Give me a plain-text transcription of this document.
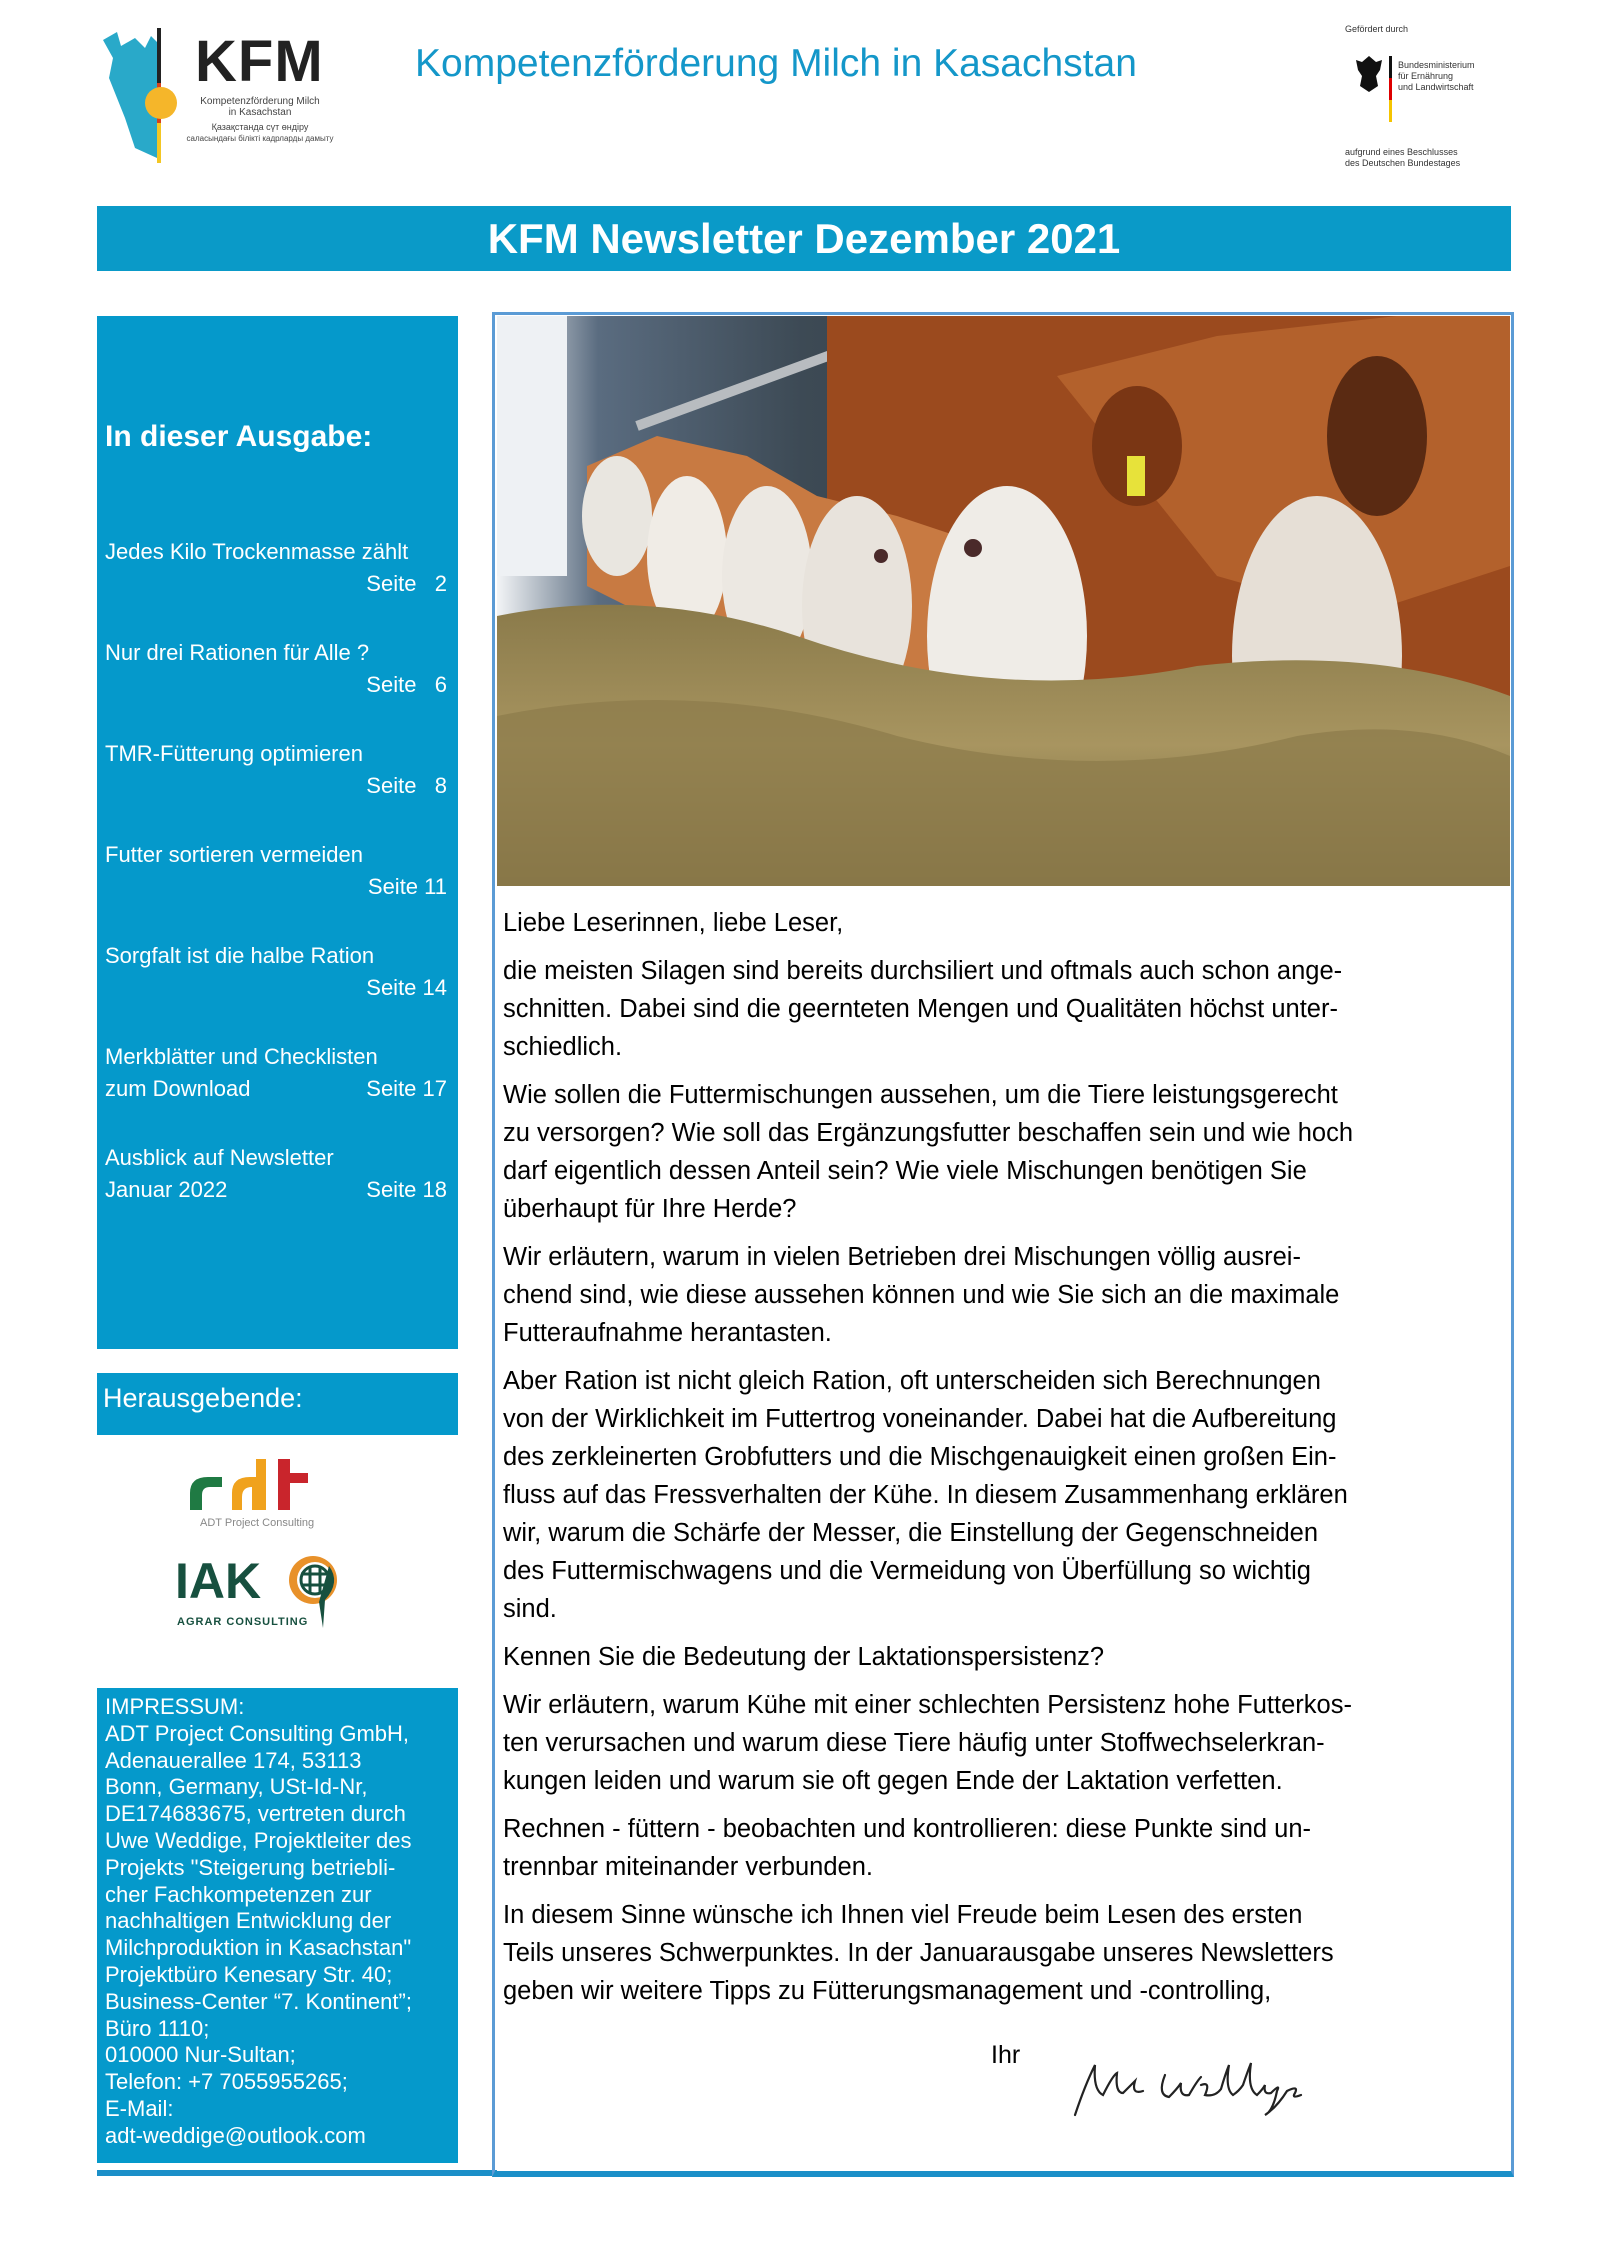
KFM
Kompetenzförderung Milch
in Kasachstan
Қазақстанда сүт өндіру
саласындағы білікті кадрларды дамыту
Kompetenzförderung Milch in Kasachstan
Gefördert durch
Bundesministerium
für Ernährung
und Landwirtschaft
aufgrund eines Beschlusses
des Deutschen Bundestages
KFM Newsletter Dezember 2021
In dieser Ausgabe:
Jedes Kilo Trockenmasse zählt
Seite   2
Nur drei Rationen für Alle ?
Seite   6
TMR-Fütterung optimieren
Seite   8
Futter sortieren vermeiden
Seite 11
Sorgfalt ist die halbe Ration
Seite 14
Merkblätter und Checklisten
zum Download	Seite 17
Ausblick auf Newsletter
Januar 2022	Seite 18
Herausgebende:
ADT Project Consulting
IAK
AGRAR CONSULTING
IMPRESSUM:
ADT Project Consulting GmbH,
Adenauerallee 174, 53113
Bonn, Germany, USt-Id-Nr,
DE174683675, vertreten durch
Uwe Weddige, Projektleiter des
Projekts "Steigerung betriebli-
cher Fachkompetenzen zur
nachhaltigen Entwicklung der
Milchproduktion in Kasachstan"
Projektbüro Kenesary Str. 40;
Business-Center “7. Kontinent”;
Büro 1110;
010000 Nur-Sultan;
Telefon: +7 7055955265;
E-Mail:
adt-weddige@outlook.com
Liebe Leserinnen, liebe Leser,
die meisten Silagen sind bereits durchsiliert und oftmals auch schon ange-
schnitten. Dabei sind die geernteten Mengen und Qualitäten höchst unter-
schiedlich.
Wie sollen die Futtermischungen aussehen, um die Tiere leistungsgerecht
zu versorgen? Wie soll das Ergänzungsfutter beschaffen sein und wie hoch
darf eigentlich dessen Anteil sein? Wie viele Mischungen benötigen Sie
überhaupt für Ihre Herde?
Wir erläutern, warum in vielen Betrieben drei Mischungen völlig ausrei-
chend sind, wie diese aussehen können und wie Sie sich an die maximale
Futteraufnahme herantasten.
Aber Ration ist nicht gleich Ration, oft unterscheiden sich Berechnungen
von der Wirklichkeit im Futtertrog voneinander. Dabei hat die Aufbereitung
des zerkleinerten Grobfutters und die Mischgenauigkeit einen großen Ein-
fluss auf das Fressverhalten der Kühe. In diesem Zusammenhang erklären
wir, warum die Schärfe der Messer, die Einstellung der Gegenschneiden
des Futtermischwagens und die Vermeidung von Überfüllung so wichtig
sind.
Kennen Sie die Bedeutung der Laktationspersistenz?
Wir erläutern, warum Kühe mit einer schlechten Persistenz hohe Futterkos-
ten verursachen und warum diese Tiere häufig unter Stoffwechselerkran-
kungen leiden und warum sie oft gegen Ende der Laktation verfetten.
Rechnen - füttern - beobachten und kontrollieren: diese Punkte sind un-
trennbar miteinander verbunden.
In diesem Sinne wünsche ich Ihnen viel Freude beim Lesen des ersten
Teils unseres Schwerpunktes. In der Januarausgabe unseres Newsletters
geben wir weitere Tipps zu Fütterungsmanagement und -controlling,
Ihr
